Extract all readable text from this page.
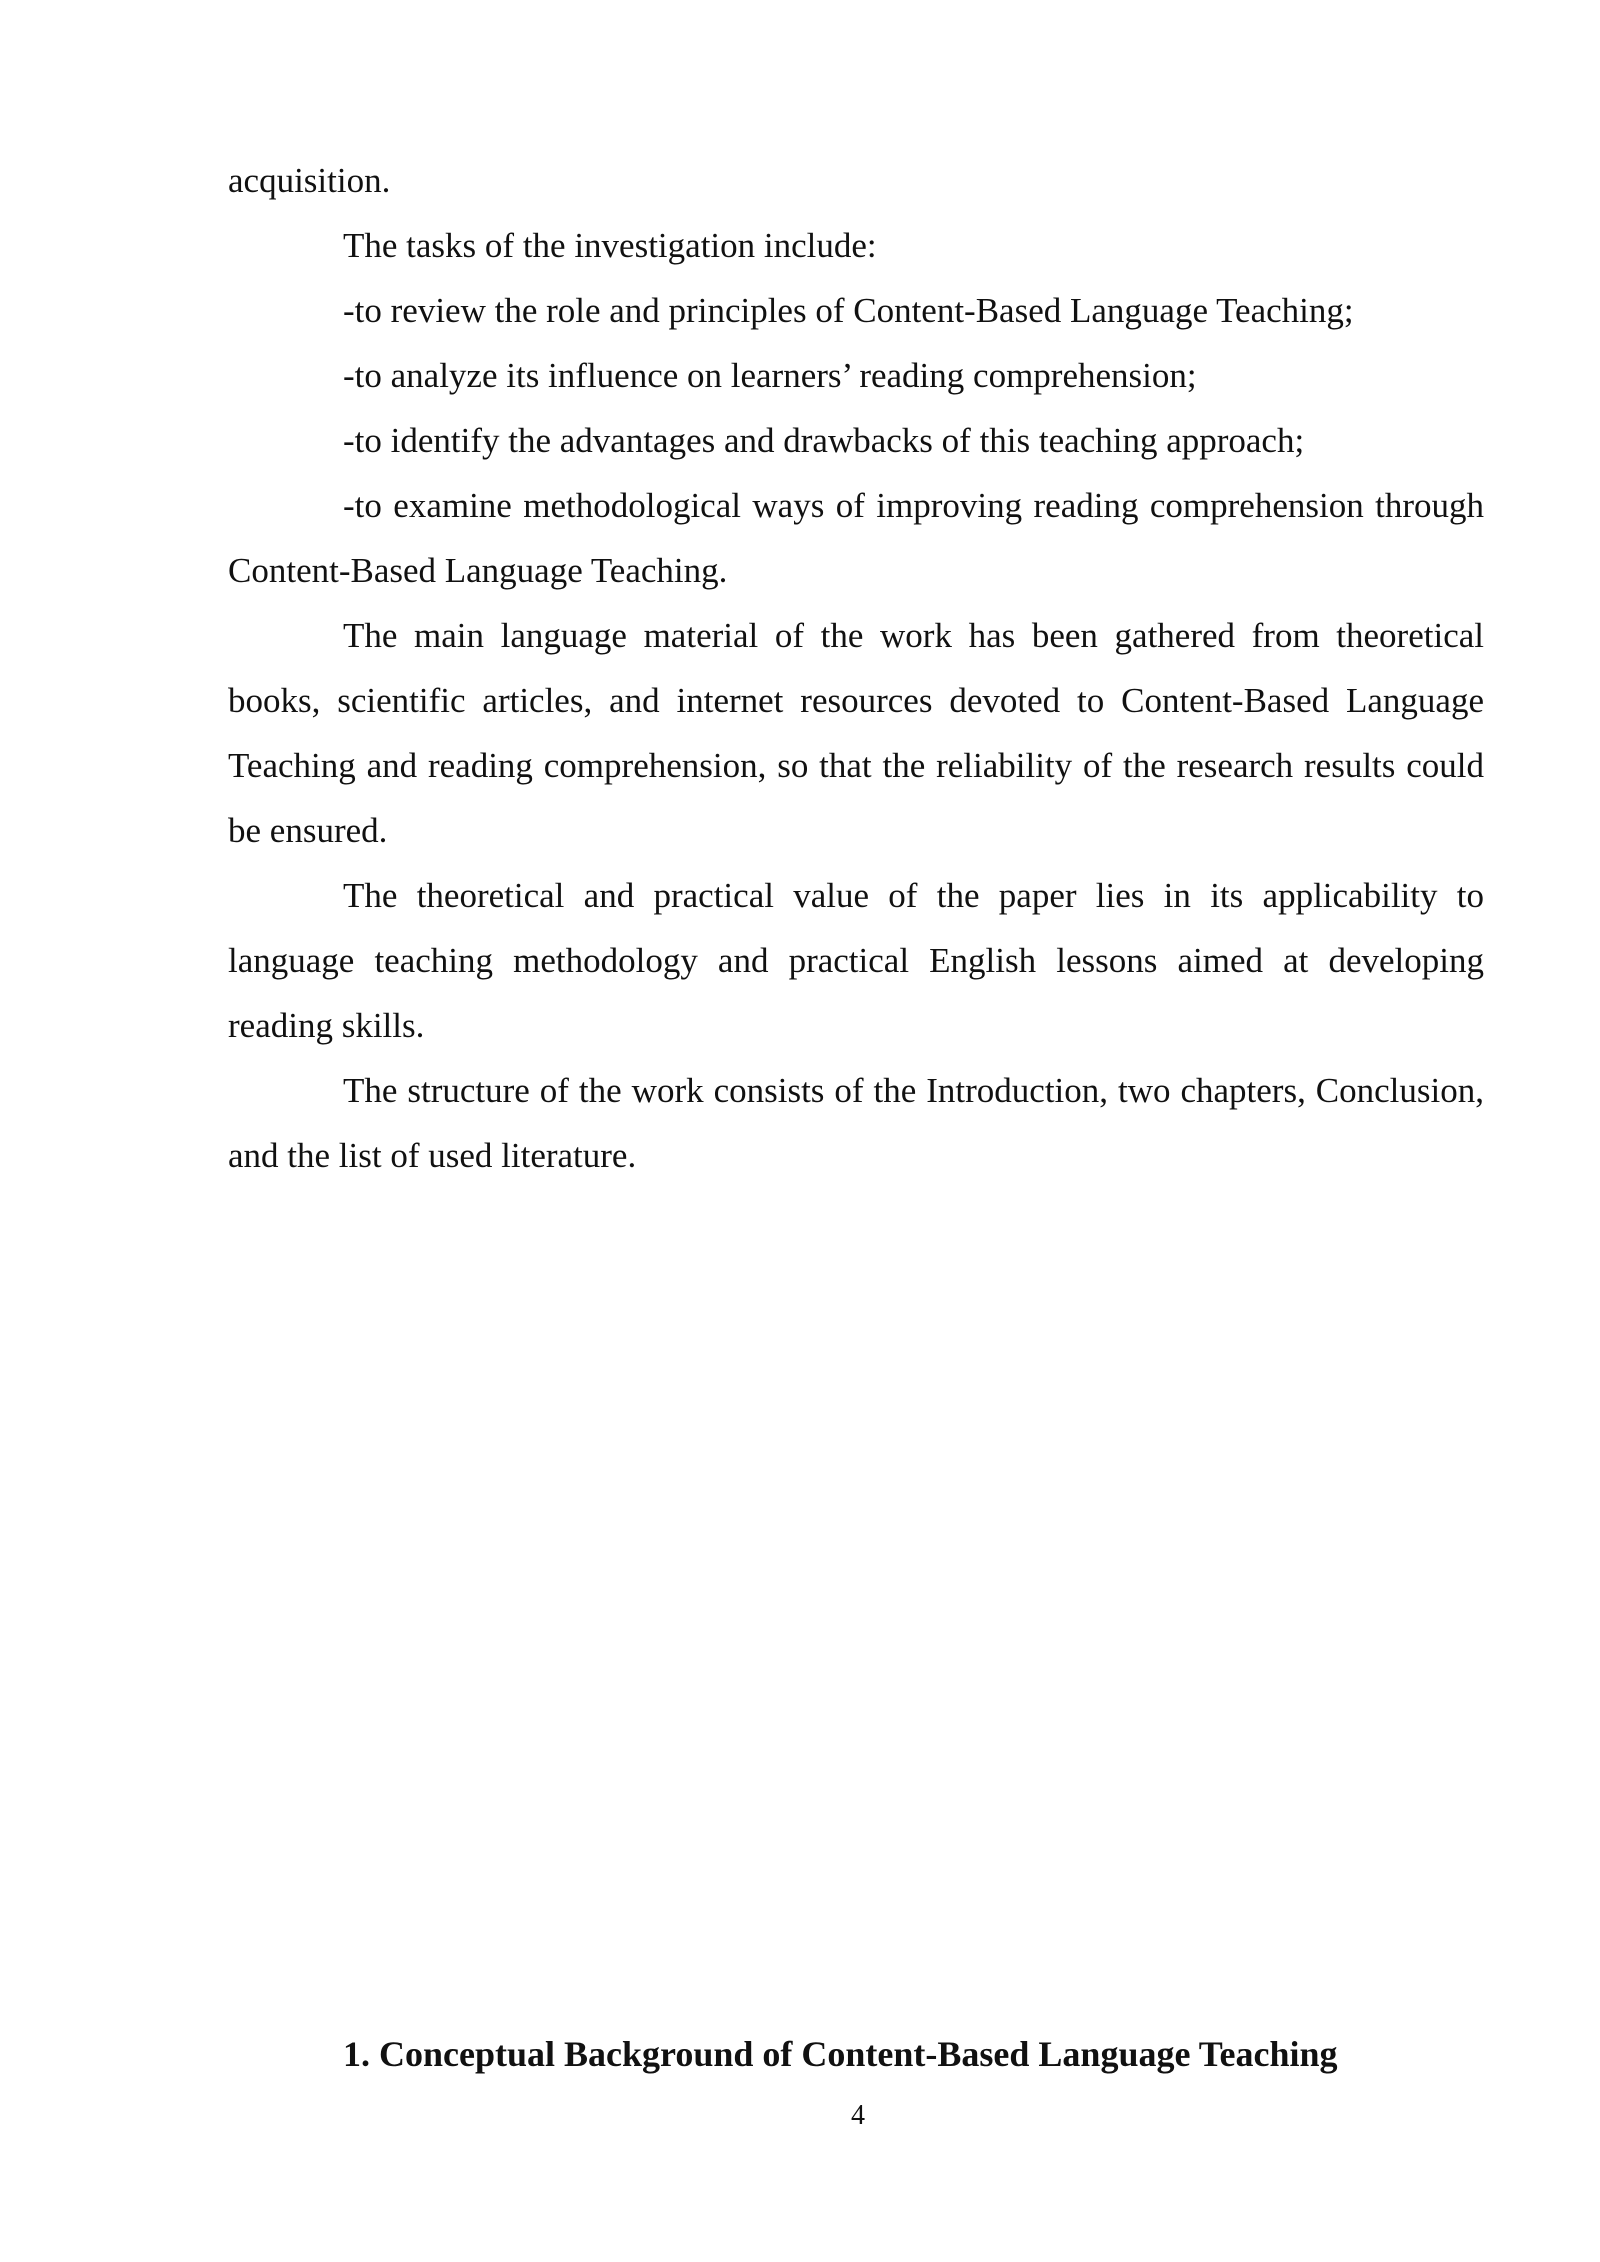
acquisition.

The tasks of the investigation include:

-to review the role and principles of Content-Based Language Teaching;

-to analyze its influence on learners’ reading comprehension;

-to identify the advantages and drawbacks of this teaching approach;

-to examine methodological ways of improving reading comprehension through Content-Based Language Teaching.

The main language material of the work has been gathered from theoretical books, scientific articles, and internet resources devoted to Content-Based Language Teaching and reading comprehension, so that the reliability of the research results could be ensured.

The theoretical and practical value of the paper lies in its applicability to language teaching methodology and practical English lessons aimed at developing reading skills.

The structure of the work consists of the Introduction, two chapters, Conclusion, and the list of used literature.

1. Conceptual Background of Content-Based Language Teaching
4
